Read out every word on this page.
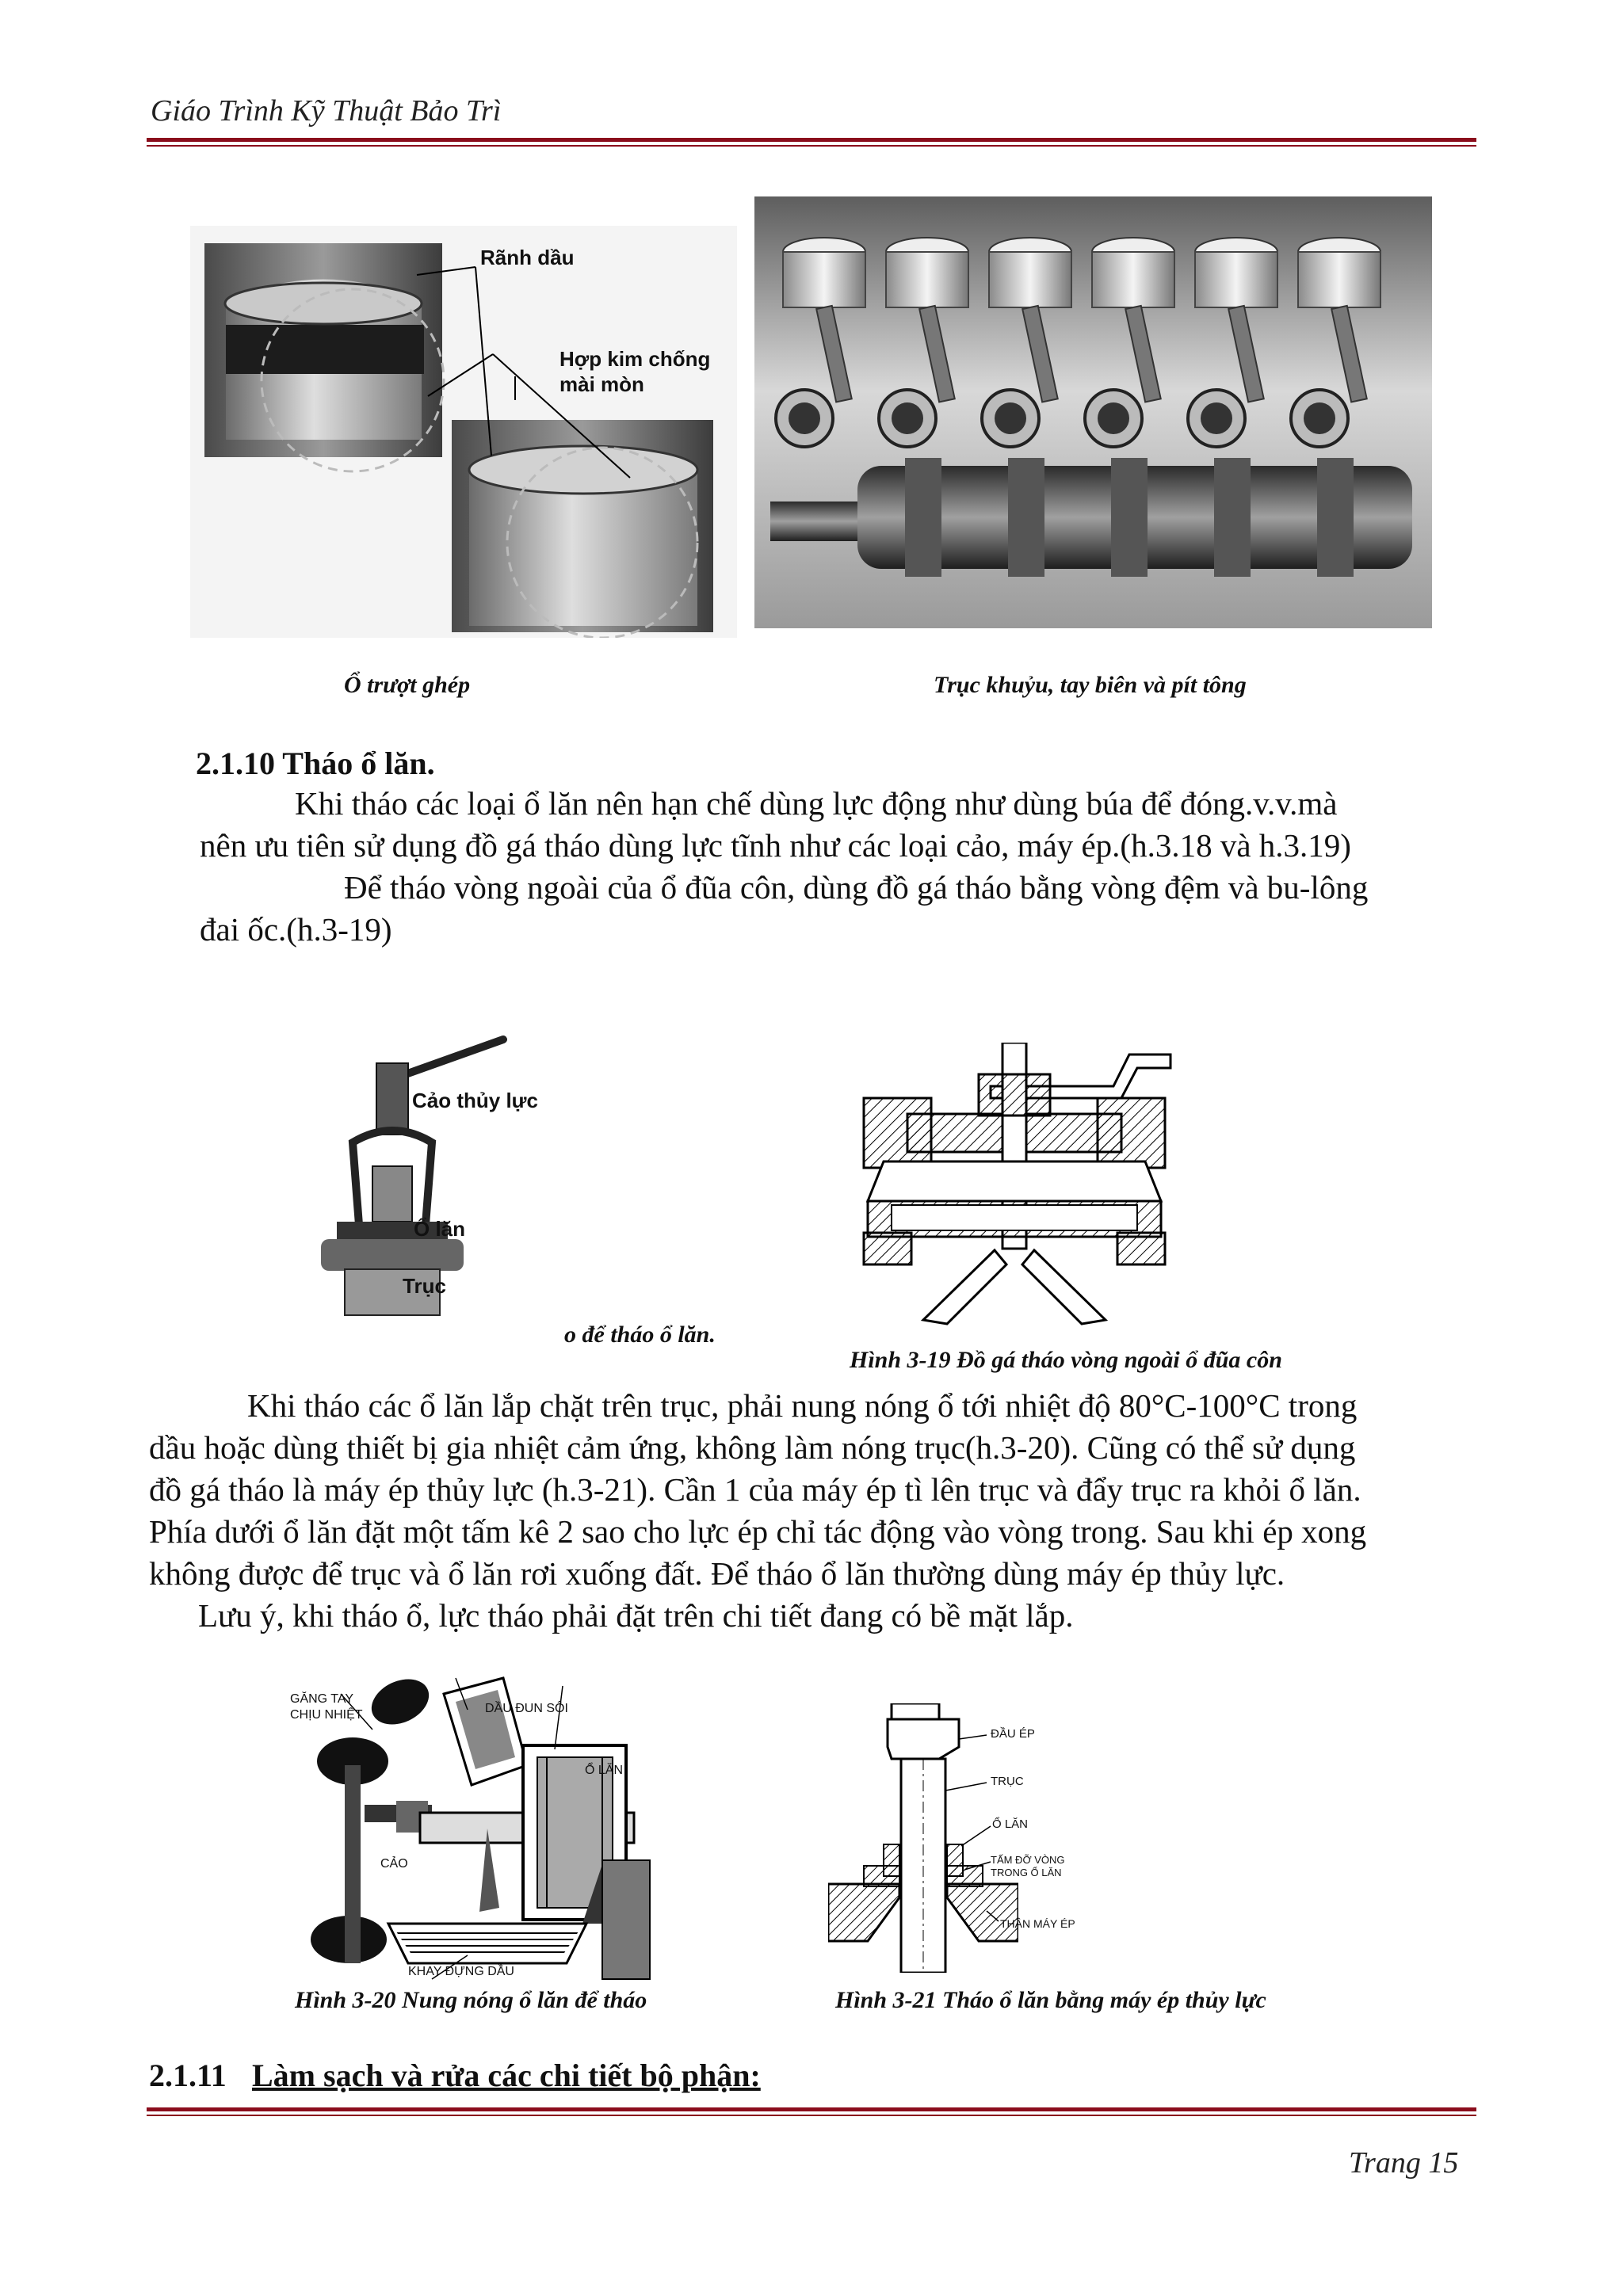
Giáo Trình Kỹ Thuật Bảo Trì
Rãnh dầu
Hợp kim chống
mài mòn
Ổ trượt ghép	Trục khuỷu, tay biên và pít tông
2.1.10 Tháo ổ lăn.
Khi tháo các loại ổ lăn nên hạn chế dùng lực động như dùng búa để đóng.v.v.mà
nên ưu tiên sử dụng đồ gá tháo dùng lực tĩnh như các loại cảo, máy ép.(h.3.18 và h.3.19)
Để tháo vòng ngoài của ổ đũa côn, dùng đồ gá tháo bằng vòng đệm và bu-lông
đai ốc.(h.3-19)
Cảo thủy lực
Ổ lăn
Trục
o để tháo ổ lăn.
Hình 3-19 Đồ gá tháo vòng ngoài ổ đũa côn
Khi tháo các ổ lăn lắp chặt trên trục, phải nung nóng ổ tới nhiệt độ 80°C-100°C trong
dầu hoặc dùng thiết bị gia nhiệt cảm ứng, không làm nóng trục(h.3-20). Cũng có thể sử dụng
đồ gá tháo là máy ép thủy lực (h.3-21). Cần 1 của máy ép tì lên trục và đẩy trục ra khỏi ổ lăn.
Phía dưới ổ lăn đặt một tấm kê 2 sao cho lực ép chỉ tác động vào vòng trong. Sau khi ép xong
không được để trục và ổ lăn rơi xuống đất. Để tháo ổ lăn thường dùng máy ép thủy lực.
Lưu ý, khi tháo ổ, lực tháo phải đặt trên chi tiết đang có bề mặt lắp.
GĂNG TAY
CHỊU NHIỆT	DẦU ĐUN SÔI
Ổ LĂN
CẢO
KHAY ĐỰNG DẦU
Hình 3-20 Nung nóng ổ lăn để tháo
ĐẦU ÉP
TRỤC
Ổ LĂN
TẤM ĐỠ VÒNG
TRONG Ổ LĂN
THÂN MÁY ÉP
Hình 3-21 Tháo ổ lăn bằng máy ép thủy lực
2.1.11 Làm sạch và rửa các chi tiết bộ phận:
Trang 15
